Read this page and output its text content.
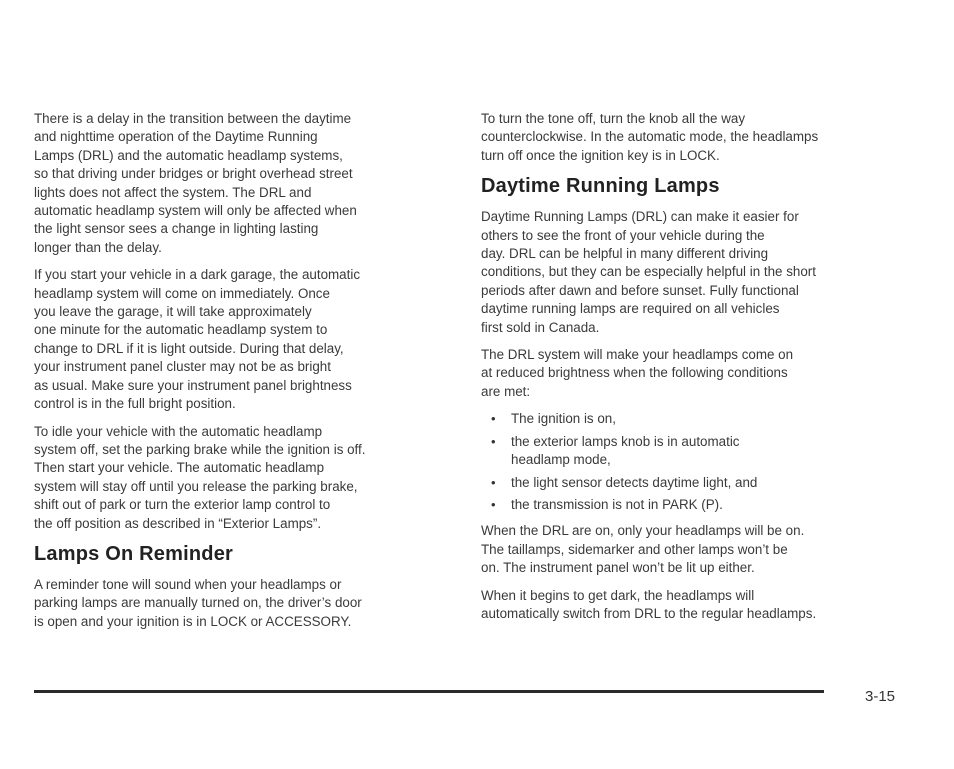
There is a delay in the transition between the daytime
and nighttime operation of the Daytime Running
Lamps (DRL) and the automatic headlamp systems,
so that driving under bridges or bright overhead street
lights does not affect the system. The DRL and
automatic headlamp system will only be affected when
the light sensor sees a change in lighting lasting
longer than the delay.

If you start your vehicle in a dark garage, the automatic
headlamp system will come on immediately. Once
you leave the garage, it will take approximately
one minute for the automatic headlamp system to
change to DRL if it is light outside. During that delay,
your instrument panel cluster may not be as bright
as usual. Make sure your instrument panel brightness
control is in the full bright position.

To idle your vehicle with the automatic headlamp
system off, set the parking brake while the ignition is off.
Then start your vehicle. The automatic headlamp
system will stay off until you release the parking brake,
shift out of park or turn the exterior lamp control to
the off position as described in “Exterior Lamps”.

Lamps On Reminder

A reminder tone will sound when your headlamps or
parking lamps are manually turned on, the driver’s door
is open and your ignition is in LOCK or ACCESSORY.

To turn the tone off, turn the knob all the way
counterclockwise. In the automatic mode, the headlamps
turn off once the ignition key is in LOCK.

Daytime Running Lamps

Daytime Running Lamps (DRL) can make it easier for
others to see the front of your vehicle during the
day. DRL can be helpful in many different driving
conditions, but they can be especially helpful in the short
periods after dawn and before sunset. Fully functional
daytime running lamps are required on all vehicles
first sold in Canada.

The DRL system will make your headlamps come on
at reduced brightness when the following conditions
are met:

• The ignition is on,
• the exterior lamps knob is in automatic
headlamp mode,
• the light sensor detects daytime light, and
• the transmission is not in PARK (P).

When the DRL are on, only your headlamps will be on.
The taillamps, sidemarker and other lamps won’t be
on. The instrument panel won’t be lit up either.

When it begins to get dark, the headlamps will
automatically switch from DRL to the regular headlamps.

3-15
